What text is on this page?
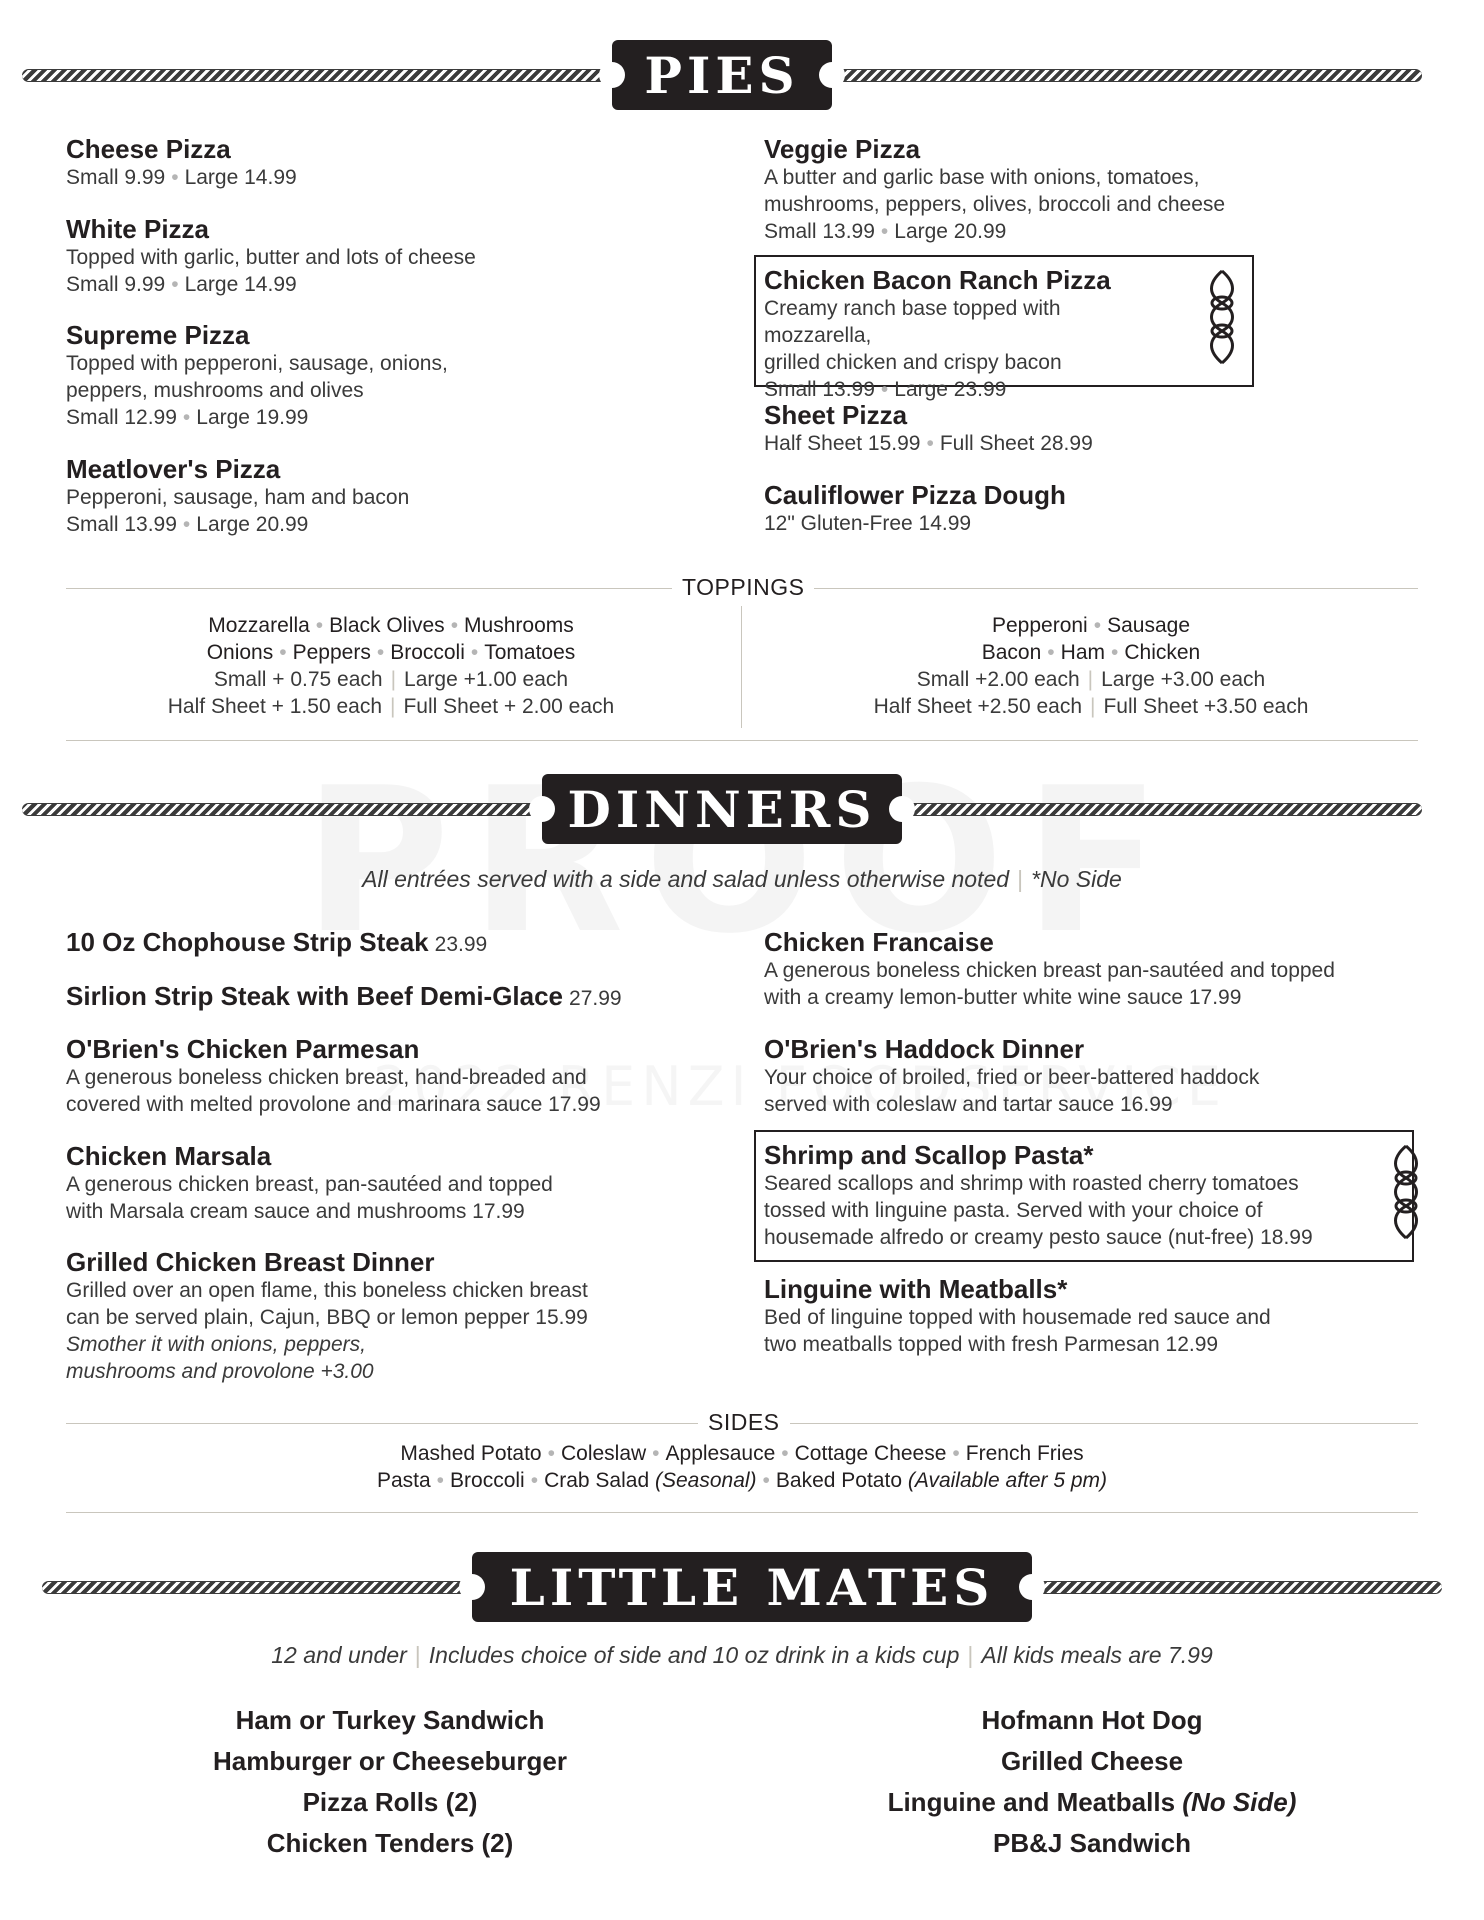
PIES
Cheese Pizza
Small 9.99 • Large 14.99
White Pizza
Topped with garlic, butter and lots of cheese
Small 9.99 • Large 14.99
Supreme Pizza
Topped with pepperoni, sausage, onions,
peppers, mushrooms and olives
Small 12.99 • Large 19.99
Meatlover's Pizza
Pepperoni, sausage, ham and bacon
Small 13.99 • Large 20.99
Veggie Pizza
A butter and garlic base with onions, tomatoes,
mushrooms, peppers, olives, broccoli and cheese
Small 13.99 • Large 20.99
Chicken Bacon Ranch Pizza
Creamy ranch base topped with mozzarella,
grilled chicken and crispy bacon
Small 13.99 • Large 23.99
Sheet Pizza
Half Sheet 15.99 • Full Sheet 28.99
Cauliflower Pizza Dough
12" Gluten-Free 14.99
TOPPINGS
Mozzarella • Black Olives • Mushrooms
Onions • Peppers • Broccoli • Tomatoes
Small + 0.75 each | Large +1.00 each
Half Sheet + 1.50 each | Full Sheet + 2.00 each
Pepperoni • Sausage
Bacon • Ham • Chicken
Small +2.00 each | Large +3.00 each
Half Sheet +2.50 each | Full Sheet +3.50 each
DINNERS
All entrées served with a side and salad unless otherwise noted | *No Side
10 Oz Chophouse Strip Steak 23.99
Sirlion Strip Steak with Beef Demi-Glace 27.99
O'Brien's Chicken Parmesan
A generous boneless chicken breast, hand-breaded and
covered with melted provolone and marinara sauce 17.99
Chicken Marsala
A generous chicken breast, pan-sautéed and topped
with Marsala cream sauce and mushrooms 17.99
Grilled Chicken Breast Dinner
Grilled over an open flame, this boneless chicken breast
can be served plain, Cajun, BBQ or lemon pepper 15.99
Smother it with onions, peppers,
mushrooms and provolone +3.00
Chicken Francaise
A generous boneless chicken breast pan-sautéed and topped
with a creamy lemon-butter white wine sauce 17.99
O'Brien's Haddock Dinner
Your choice of broiled, fried or beer-battered haddock
served with coleslaw and tartar sauce 16.99
Shrimp and Scallop Pasta*
Seared scallops and shrimp with roasted cherry tomatoes
tossed with linguine pasta. Served with your choice of
housemade alfredo or creamy pesto sauce (nut-free) 18.99
Linguine with Meatballs*
Bed of linguine topped with housemade red sauce and
two meatballs topped with fresh Parmesan 12.99
SIDES
Mashed Potato • Coleslaw • Applesauce • Cottage Cheese • French Fries
Pasta • Broccoli • Crab Salad (Seasonal) • Baked Potato (Available after 5 pm)
LITTLE MATES
12 and under | Includes choice of side and 10 oz drink in a kids cup | All kids meals are 7.99
Ham or Turkey Sandwich
Hamburger or Cheeseburger
Pizza Rolls (2)
Chicken Tenders (2)
Hofmann Hot Dog
Grilled Cheese
Linguine and Meatballs (No Side)
PB&J Sandwich
